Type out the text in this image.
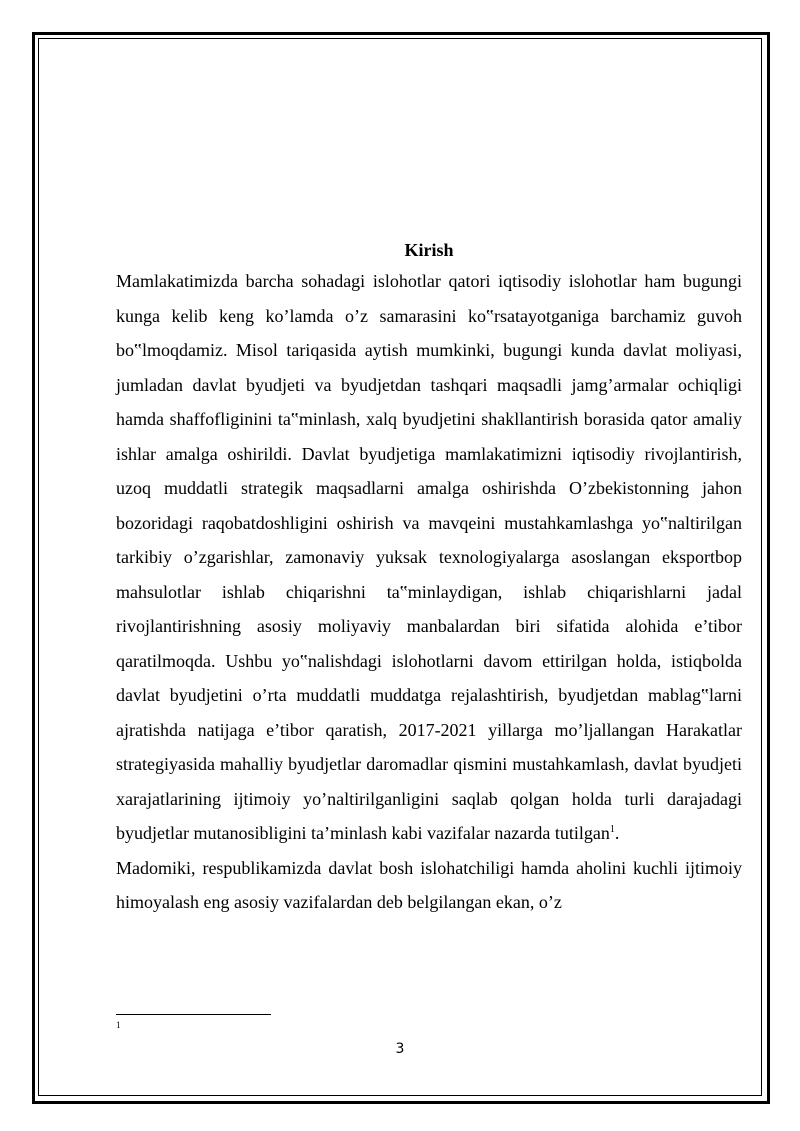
Kirish

Mamlakatimizda barcha sohadagi islohotlar qatori iqtisodiy islohotlar ham bugungi kunga kelib keng ko’lamda o’z samarasini ko‟rsatayotganiga barchamiz guvoh bo‟lmoqdamiz. Misol tariqasida aytish mumkinki, bugungi kunda davlat moliyasi, jumladan davlat byudjeti va byudjetdan tashqari maqsadli jamg’armalar ochiqligi hamda shaffofliginini ta‟minlash, xalq byudjetini shakllantirish borasida qator amaliy ishlar amalga oshirildi. Davlat byudjetiga mamlakatimizni iqtisodiy rivojlantirish, uzoq muddatli strategik maqsadlarni amalga oshirishda O’zbekistonning jahon bozoridagi raqobatdoshligini oshirish va mavqeini mustahkamlashga yo‟naltirilgan tarkibiy o’zgarishlar, zamonaviy yuksak texnologiyalarga asoslangan eksportbop mahsulotlar ishlab chiqarishni ta‟minlaydigan, ishlab chiqarishlarni jadal rivojlantirishning asosiy moliyaviy manbalardan biri sifatida alohida e’tibor qaratilmoqda. Ushbu yo‟nalishdagi islohotlarni davom ettirilgan holda, istiqbolda davlat byudjetini o’rta muddatli muddatga rejalashtirish, byudjetdan mablag‟larni ajratishda natijaga e’tibor qaratish, 2017-2021 yillarga mo’ljallangan Harakatlar strategiyasida mahalliy byudjetlar daromadlar qismini mustahkamlash, davlat byudjeti xarajatlarining ijtimoiy yo’naltirilganligini saqlab qolgan holda turli darajadagi byudjetlar mutanosibligini ta’minlash kabi vazifalar nazarda tutilgan$^1$.

Madomiki, respublikamizda davlat bosh islohatchiligi hamda aholini kuchli ijtimoiy himoyalash eng asosiy vazifalardan deb belgilangan ekan, o’z

1
3
